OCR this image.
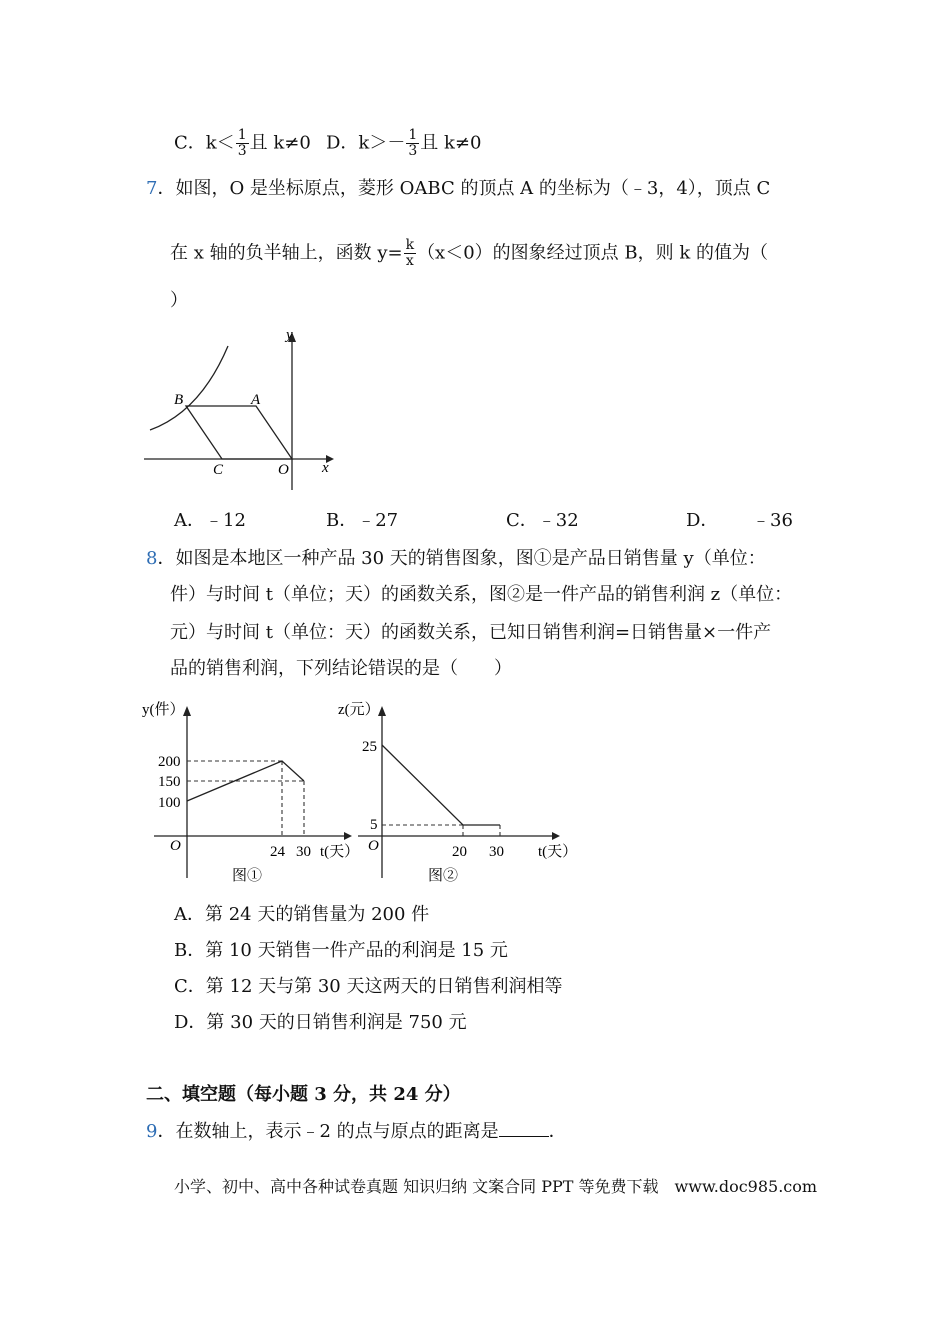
C．$k< \frac{1}{3}$ 且 k≠0 D．$k>- \frac{1}{3}$ 且 k≠0
7．如图，O 是坐标原点，菱形 OABC 的顶点 A 的坐标为（﹣3，4），顶点 C
在 x 轴的负半轴上，函数 $y= \frac{k}{x} (x<0)$的图象经过顶点 B，则 k 的值为（
）
y
x
B	A
C	O
A．﹣12	B．﹣27	C．﹣32	D． ﹣36
8．如图是本地区一种产品 30 天的销售图象，图①是产品日销售量 y（单位：
件）与时间 t（单位；天）的函数关系，图②是一件产品的销售利润 z（单位：
元）与时间 t（单位：天）的函数关系，已知日销售利润=日销售量×一件产
品的销售利润，下列结论错误的是（　　）
y(件）
200
150
100
O	24 30 t(天）
图①
z(元）
25
5
O	20 30 t(天）
图②
A．第 24 天的销售量为 200 件
B．第 10 天销售一件产品的利润是 15 元
C．第 12 天与第 30 天这两天的日销售利润相等
D．第 30 天的日销售利润是 750 元
二、填空题（每小题 3 分，共 24 分）
9．在数轴上，表示﹣2 的点与原点的距离是	．
小学、初中、高中各种试卷真题 知识归纳 文案合同 PPT 等免费下载　www.doc985.com
